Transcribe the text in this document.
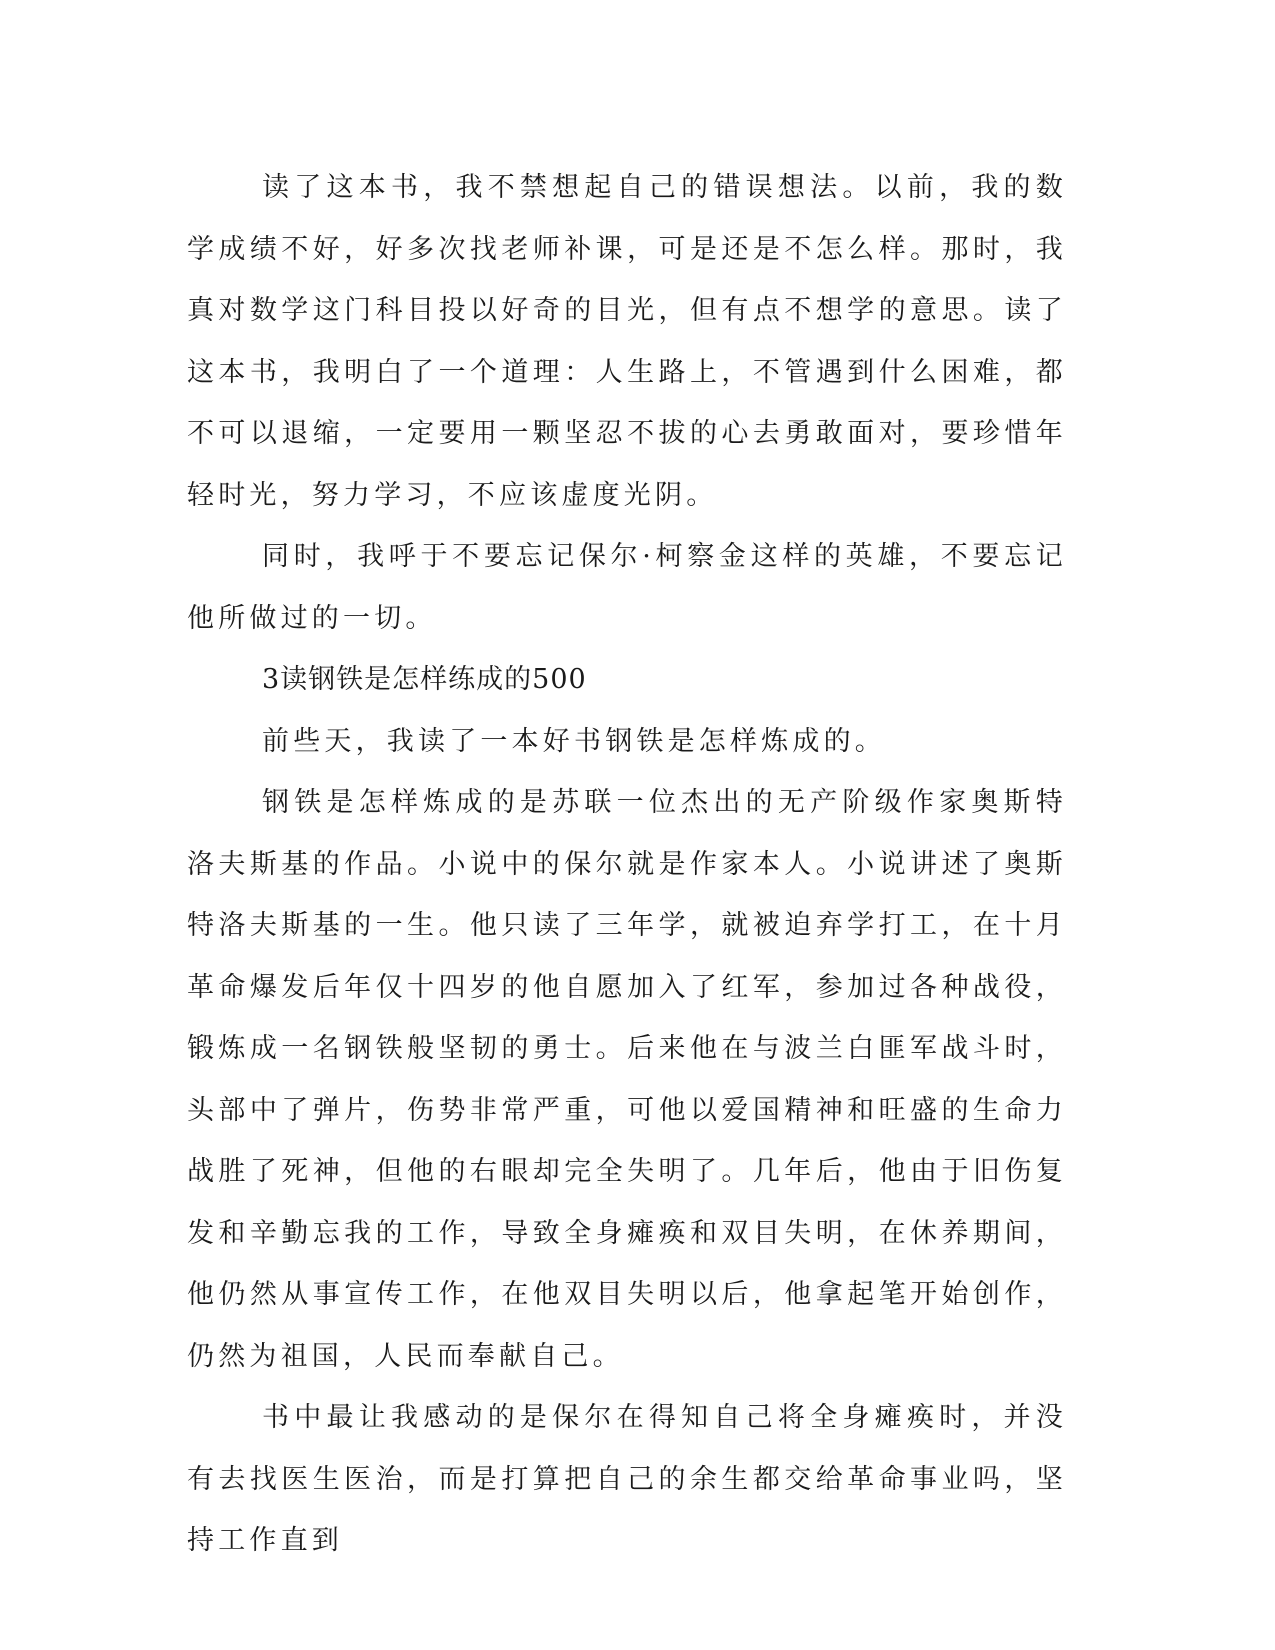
读了这本书，我不禁想起自己的错误想法。以前，我的数学成绩不好，好多次找老师补课，可是还是不怎么样。那时，我真对数学这门科目投以好奇的目光，但有点不想学的意思。读了这本书，我明白了一个道理：人生路上，不管遇到什么困难，都不可以退缩，一定要用一颗坚忍不拔的心去勇敢面对，要珍惜年轻时光，努力学习，不应该虚度光阴。

同时，我呼于不要忘记保尔·柯察金这样的英雄，不要忘记他所做过的一切。

3读钢铁是怎样练成的500

前些天，我读了一本好书钢铁是怎样炼成的。

钢铁是怎样炼成的是苏联一位杰出的无产阶级作家奥斯特洛夫斯基的作品。小说中的保尔就是作家本人。小说讲述了奥斯特洛夫斯基的一生。他只读了三年学，就被迫弃学打工，在十月革命爆发后年仅十四岁的他自愿加入了红军，参加过各种战役，锻炼成一名钢铁般坚韧的勇士。后来他在与波兰白匪军战斗时，头部中了弹片，伤势非常严重，可他以爱国精神和旺盛的生命力战胜了死神，但他的右眼却完全失明了。几年后，他由于旧伤复发和辛勤忘我的工作，导致全身瘫痪和双目失明，在休养期间，他仍然从事宣传工作，在他双目失明以后，他拿起笔开始创作，仍然为祖国，人民而奉献自己。

书中最让我感动的是保尔在得知自己将全身瘫痪时，并没有去找医生医治，而是打算把自己的余生都交给革命事业吗，坚持工作直到
